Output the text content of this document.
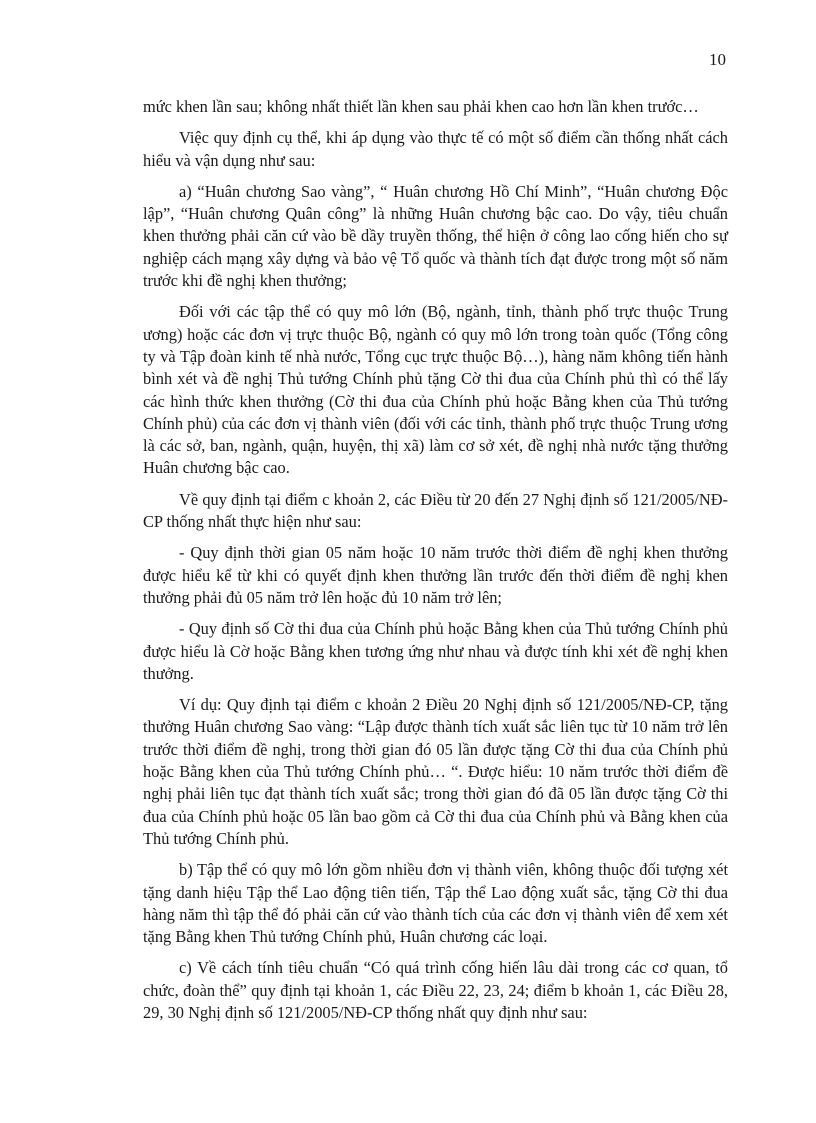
10

mức khen lần sau; không nhất thiết lần khen sau phải khen cao hơn lần khen trước…

Việc quy định cụ thể, khi áp dụng vào thực tế có một số điểm cần thống nhất cách hiểu và vận dụng như sau:

a) “Huân chương Sao vàng”, “ Huân chương Hồ Chí Minh”, “Huân chương Độc lập”, “Huân chương Quân công” là những Huân chương bậc cao. Do vậy, tiêu chuẩn khen thưởng phải căn cứ vào bề dầy truyền thống, thể hiện ở công lao cống hiến cho sự nghiệp cách mạng xây dựng và bảo vệ Tổ quốc và thành tích đạt được trong một số năm trước khi đề nghị khen thưởng;

Đối với các tập thể có quy mô lớn (Bộ, ngành, tỉnh, thành phố trực thuộc Trung ương) hoặc các đơn vị trực thuộc Bộ, ngành có quy mô lớn trong toàn quốc (Tổng công ty và Tập đoàn kinh tế nhà nước, Tổng cục trực thuộc Bộ…), hàng năm không tiến hành bình xét và đề nghị Thủ tướng Chính phủ tặng Cờ thi đua của Chính phủ thì có thể lấy các hình thức khen thưởng (Cờ thi đua của Chính phủ hoặc Bằng khen của Thủ tướng Chính phủ) của các đơn vị thành viên (đối với các tỉnh, thành phố trực thuộc Trung ương là các sở, ban, ngành, quận, huyện, thị xã) làm cơ sở xét, đề nghị nhà nước tặng thưởng Huân chương bậc cao.

Về quy định tại điểm c khoản 2, các Điều từ 20 đến 27 Nghị định số 121/2005/NĐ-CP thống nhất thực hiện như sau:

- Quy định thời gian 05 năm hoặc 10 năm trước thời điểm đề nghị khen thưởng được hiểu kể từ khi có quyết định khen thưởng lần trước đến thời điểm đề nghị khen thưởng phải đủ 05 năm trở lên hoặc đủ 10 năm trở lên;

- Quy định số Cờ thi đua của Chính phủ hoặc Bằng khen của Thủ tướng Chính phủ được hiểu là Cờ hoặc Bằng khen tương ứng như nhau và được tính khi xét đề nghị khen thưởng.

Ví dụ: Quy định tại điểm c khoản 2 Điều 20 Nghị định số 121/2005/NĐ-CP, tặng thưởng Huân chương Sao vàng: “Lập được thành tích xuất sắc liên tục từ 10 năm trở lên trước thời điểm đề nghị, trong thời gian đó 05 lần được tặng Cờ thi đua của Chính phủ hoặc Bằng khen của Thủ tướng Chính phủ… “. Được hiểu: 10 năm trước thời điểm đề nghị phải liên tục đạt thành tích xuất sắc; trong thời gian đó đã 05 lần được tặng Cờ thi đua của Chính phủ hoặc 05 lần bao gồm cả Cờ thi đua của Chính phủ và Bằng khen của Thủ tướng Chính phủ.

b) Tập thể có quy mô lớn gồm nhiều đơn vị thành viên, không thuộc đối tượng xét tặng danh hiệu Tập thể Lao động tiên tiến, Tập thể Lao động xuất sắc, tặng Cờ thi đua hàng năm thì tập thể đó phải căn cứ vào thành tích của các đơn vị thành viên để xem xét tặng Bằng khen Thủ tướng Chính phủ, Huân chương các loại.

c) Về cách tính tiêu chuẩn “Có quá trình cống hiến lâu dài trong các cơ quan, tổ chức, đoàn thể” quy định tại khoản 1, các Điều 22, 23, 24; điểm b khoản 1, các Điều 28, 29, 30 Nghị định số 121/2005/NĐ-CP thống nhất quy định như sau:
